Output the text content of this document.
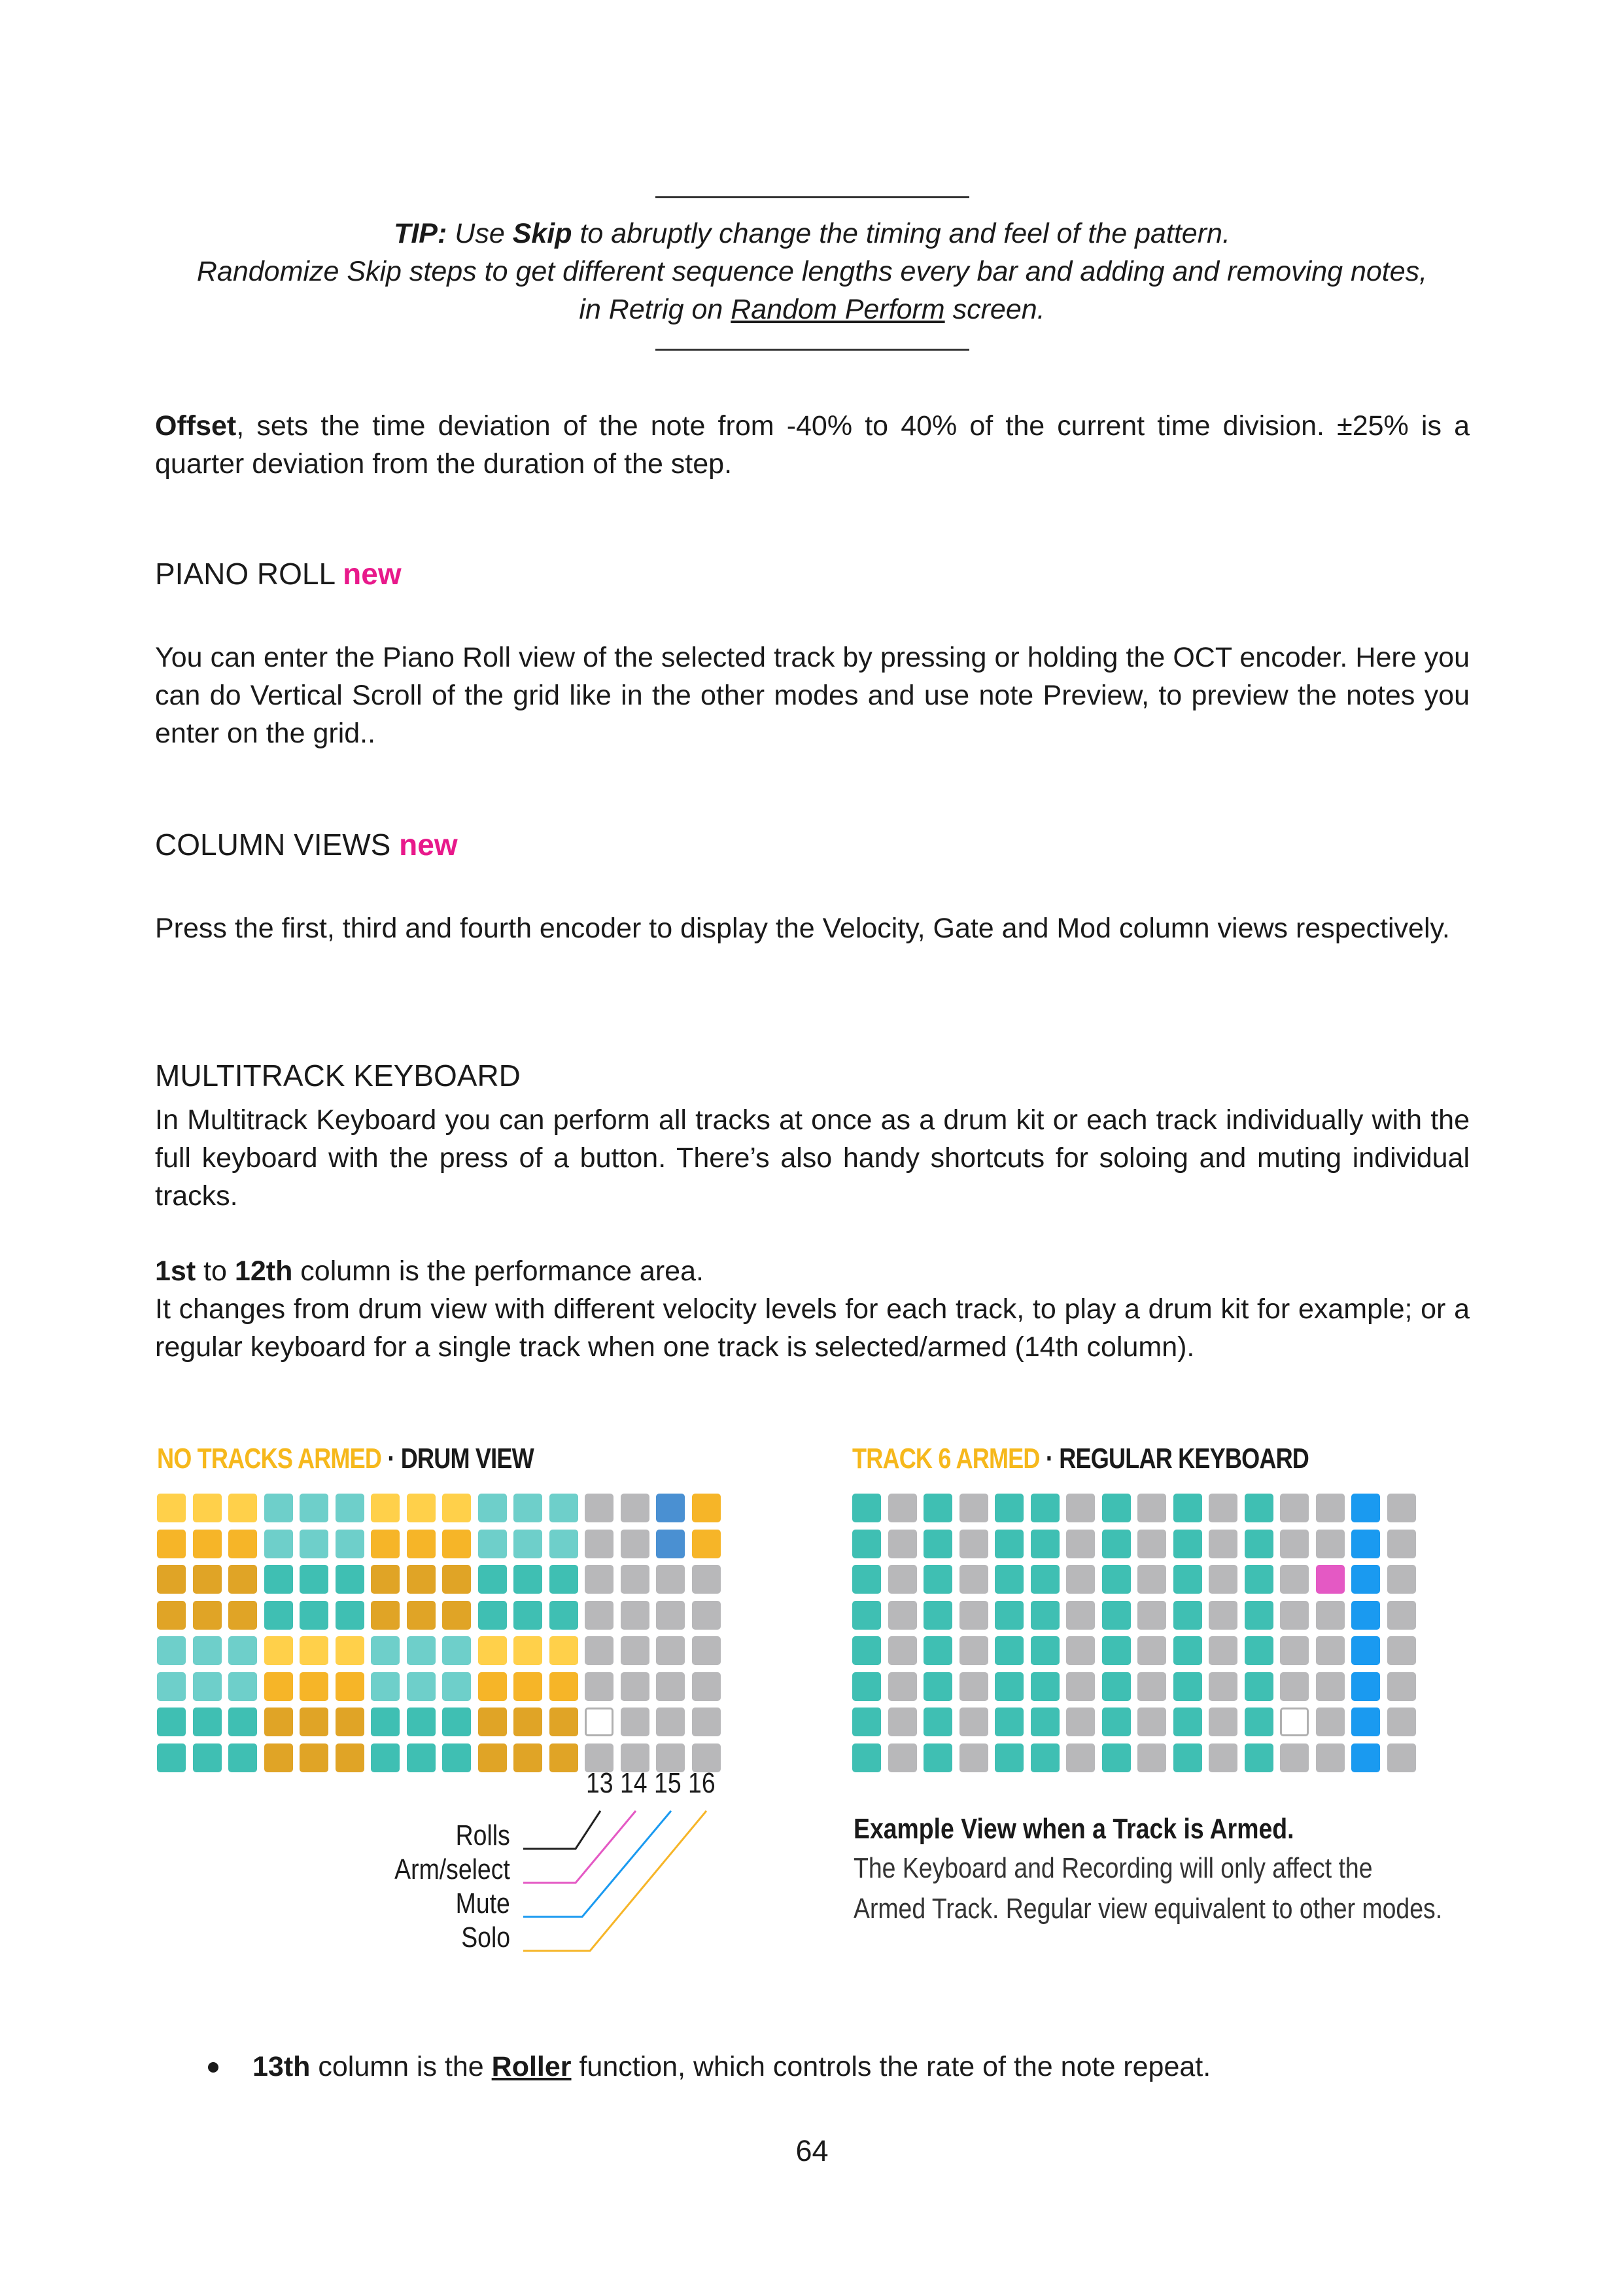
TIP: Use Skip to abruptly change the timing and feel of the pattern.
Randomize Skip steps to get different sequence lengths every bar and adding and removing notes,
in Retrig on Random Perform screen.
Offset, sets the time deviation of the note from -40% to 40% of the current time division. ±25% is a quarter deviation from the duration of the step.
PIANO ROLL new
You can enter the Piano Roll view of the selected track by pressing or holding the OCT encoder. Here you can do Vertical Scroll of the grid like in the other modes and use note Preview, to preview the notes you enter on the grid..
COLUMN VIEWS new
Press the first, third and fourth encoder to display the Velocity, Gate and Mod column views respectively.
MULTITRACK KEYBOARD
In Multitrack Keyboard you can perform all tracks at once as a drum kit or each track individually with the full keyboard with the press of a button. There’s also handy shortcuts for soloing and muting individual tracks.
1st to 12th column is the performance area.
It changes from drum view with different velocity levels for each track, to play a drum kit for example; or a regular keyboard for a single track when one track is selected/armed (14th column).
NO TRACKS ARMED · DRUM VIEW
13 14 15 16
Rolls
Arm/select
Mute
Solo
TRACK 6 ARMED · REGULAR KEYBOARD
Example View when a Track is Armed.
The Keyboard and Recording will only affect the
Armed Track. Regular view equivalent to other modes.
13th column is the Roller function, which controls the rate of the note repeat.
64
